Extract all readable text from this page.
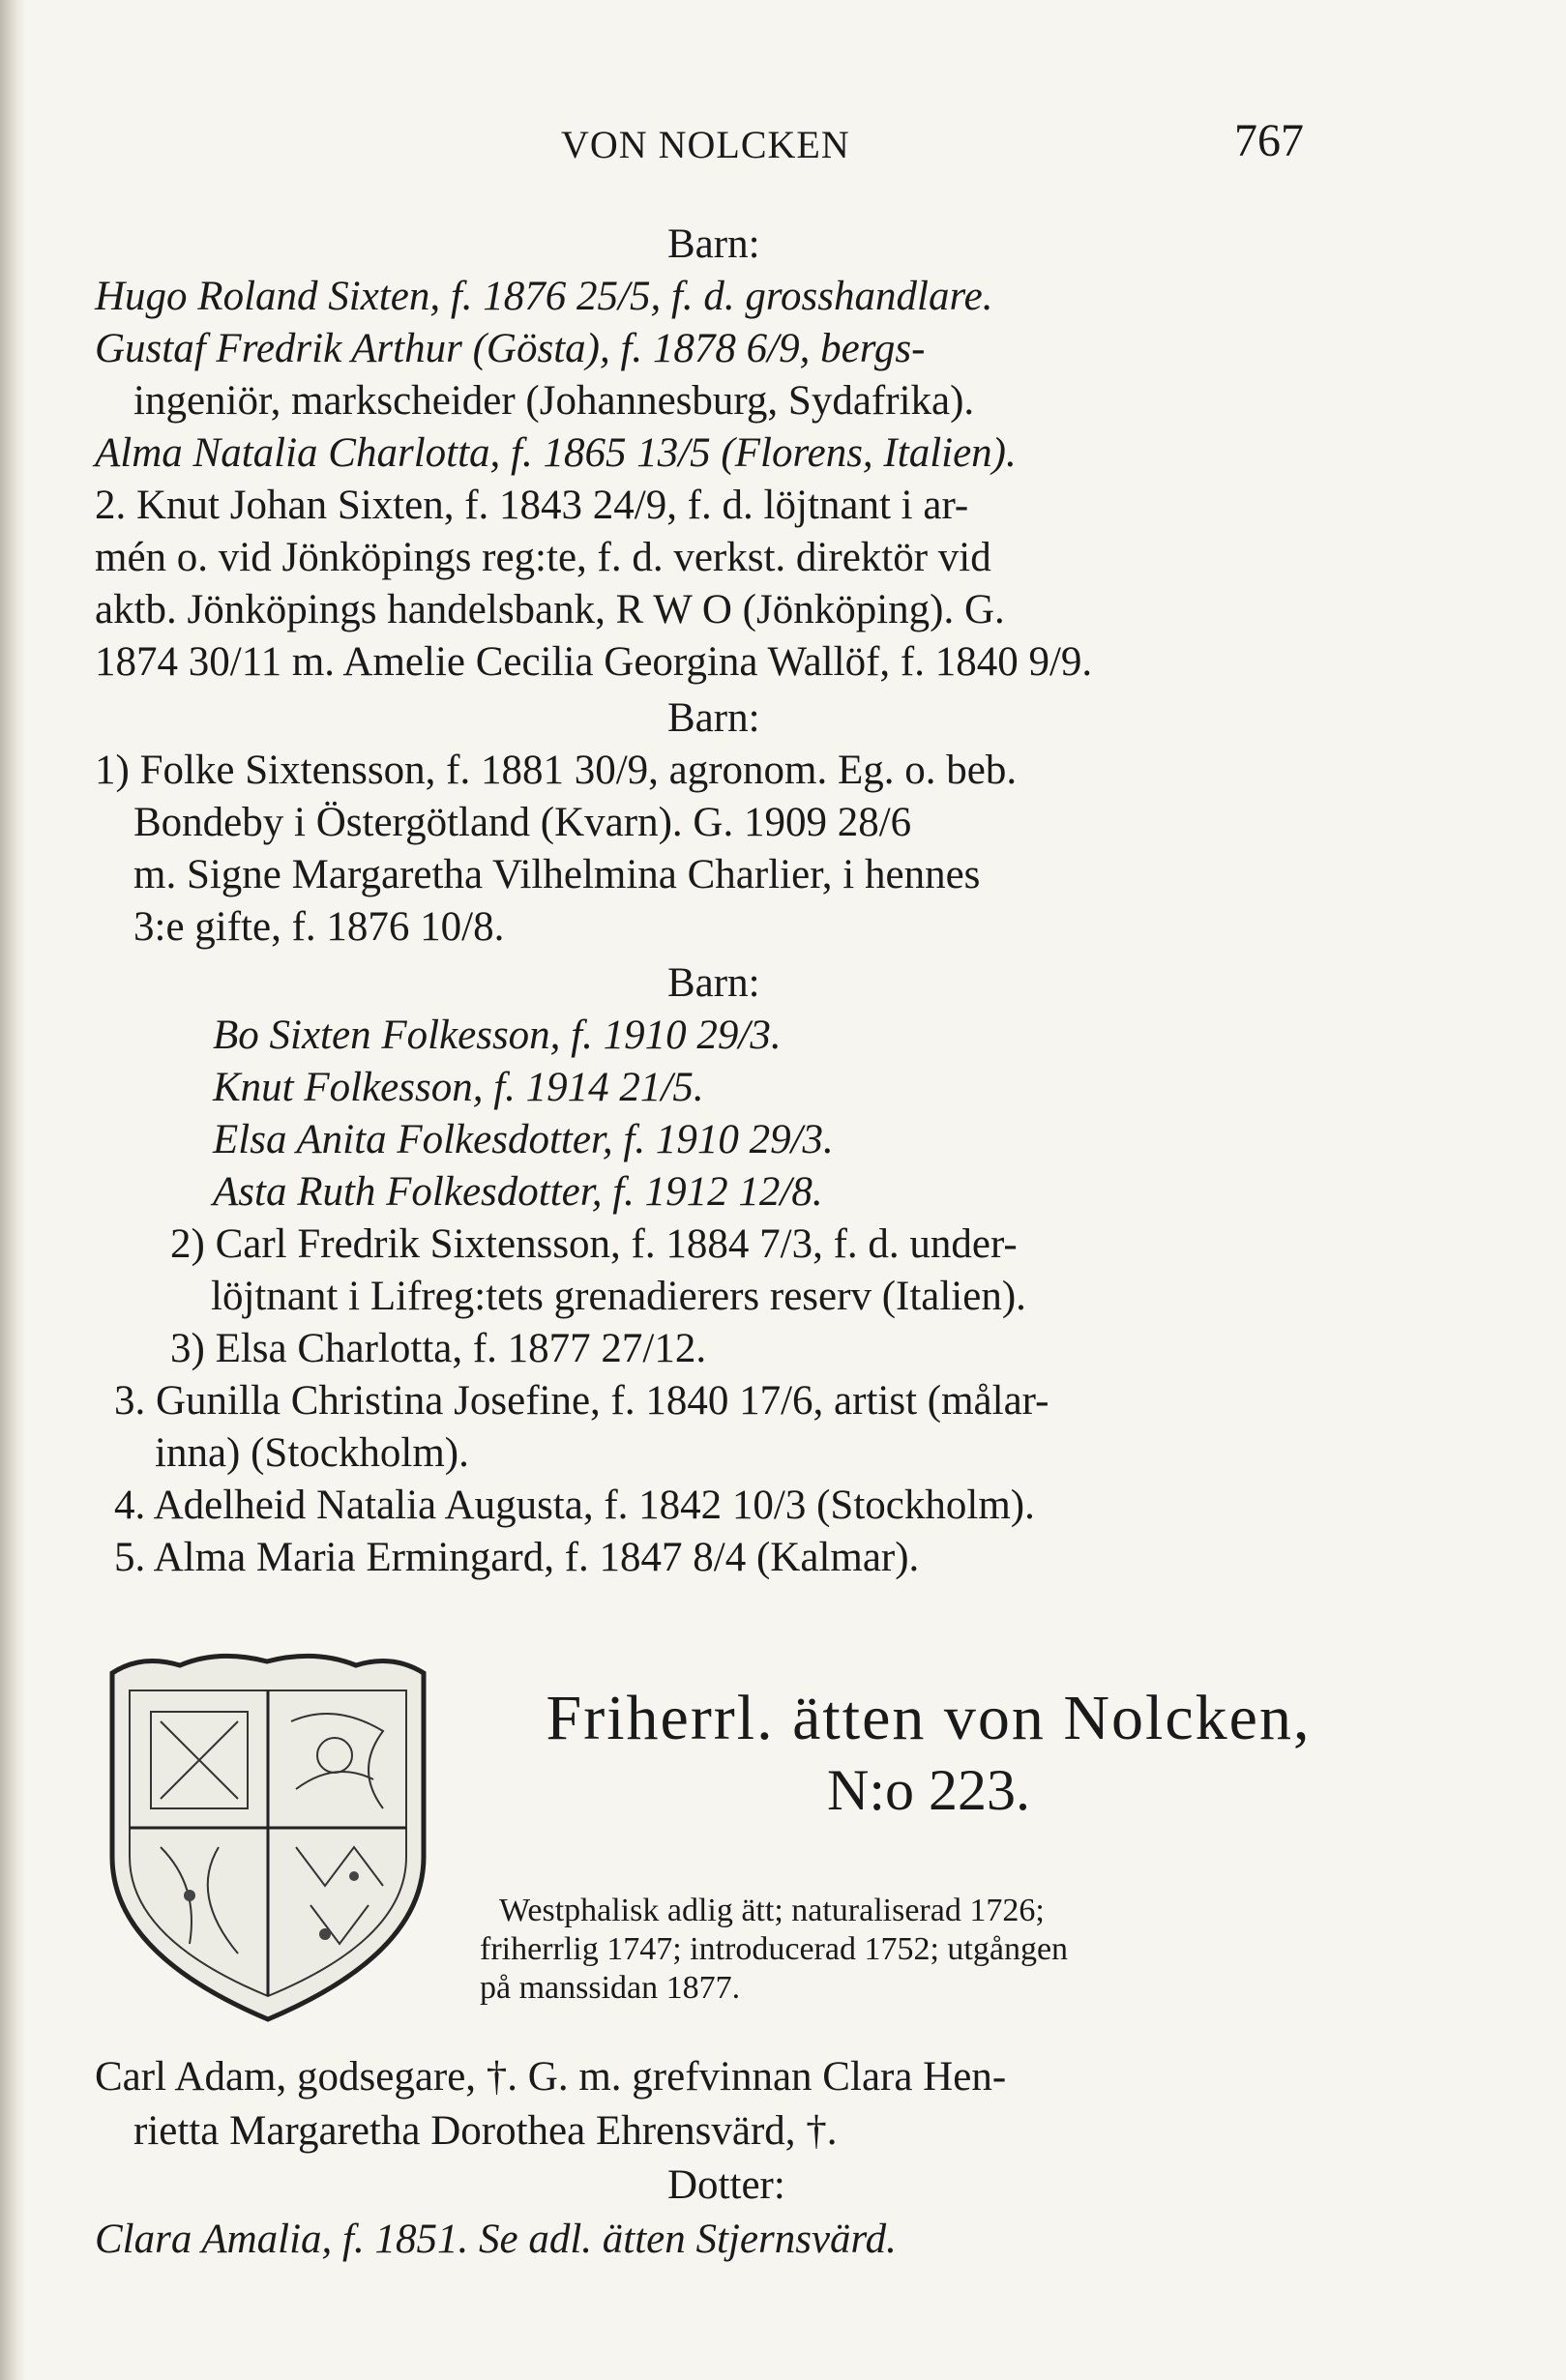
VON NOLCKEN	767
Barn:
Hugo Roland Sixten, f. 1876 25/5, f. d. grosshandlare.
Gustaf Fredrik Arthur (Gösta), f. 1878 6/9, bergs-
ingeniör, markscheider (Johannesburg, Sydafrika).
Alma Natalia Charlotta, f. 1865 13/5 (Florens, Italien).
2. Knut Johan Sixten, f. 1843 24/9, f. d. löjtnant i ar-
mén o. vid Jönköpings reg:te, f. d. verkst. direktör vid
aktb. Jönköpings handelsbank, R W O (Jönköping). G.
1874 30/11 m. Amelie Cecilia Georgina Wallöf, f. 1840 9/9.
Barn:
1) Folke Sixtensson, f. 1881 30/9, agronom. Eg. o. beb.
Bondeby i Östergötland (Kvarn). G. 1909 28/6
m. Signe Margaretha Vilhelmina Charlier, i hennes
3:e gifte, f. 1876 10/8.
Barn:
Bo Sixten Folkesson, f. 1910 29/3.
Knut Folkesson, f. 1914 21/5.
Elsa Anita Folkesdotter, f. 1910 29/3.
Asta Ruth Folkesdotter, f. 1912 12/8.
2) Carl Fredrik Sixtensson, f. 1884 7/3, f. d. under-
löjtnant i Lifreg:tets grenadierers reserv (Italien).
3) Elsa Charlotta, f. 1877 27/12.
3. Gunilla Christina Josefine, f. 1840 17/6, artist (målar-
inna) (Stockholm).
4. Adelheid Natalia Augusta, f. 1842 10/3 (Stockholm).
5. Alma Maria Ermingard, f. 1847 8/4 (Kalmar).
Friherrl. ätten von Nolcken,
N:o 223.
Westphalisk adlig ätt; naturaliserad 1726;
friherrlig 1747; introducerad 1752; utgången
på manssidan 1877.
Carl Adam, godsegare, †. G. m. grefvinnan Clara Hen-
rietta Margaretha Dorothea Ehrensvärd, †.
Dotter:
Clara Amalia, f. 1851. Se adl. ätten Stjernsvärd.
